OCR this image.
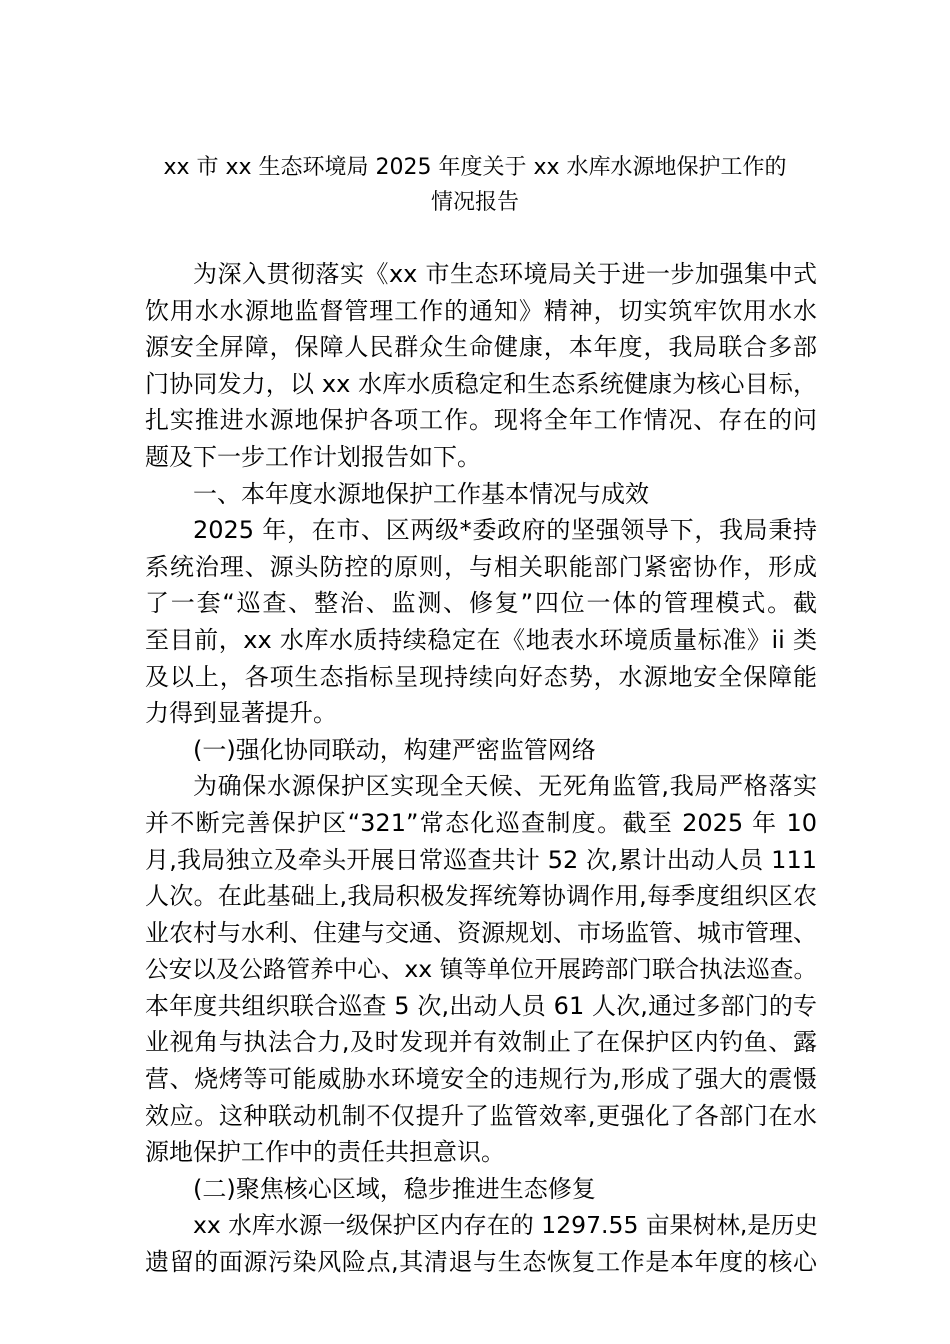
xx 市 xx 生态环境局 2025 年度关于 xx 水库水源地保护工作的
情况报告
为深入贯彻落实《xx 市生态环境局关于进一步加强集中式
饮用水水源地监督管理工作的通知》精神，切实筑牢饮用水水
源安全屏障，保障人民群众生命健康，本年度，我局联合多部
门协同发力，以 xx 水库水质稳定和生态系统健康为核心目标，
扎实推进水源地保护各项工作。现将全年工作情况、存在的问
题及下一步工作计划报告如下。
一、本年度水源地保护工作基本情况与成效
2025 年，在市、区两级*委政府的坚强领导下，我局秉持
系统治理、源头防控的原则，与相关职能部门紧密协作，形成
了一套“巡查、整治、监测、修复”四位一体的管理模式。截
至目前，xx 水库水质持续稳定在《地表水环境质量标准》ii 类
及以上，各项生态指标呈现持续向好态势，水源地安全保障能
力得到显著提升。
(一)强化协同联动，构建严密监管网络
为确保水源保护区实现全天候、无死角监管,我局严格落实
并不断完善保护区“321”常态化巡查制度。截至 2025 年 10
月,我局独立及牵头开展日常巡查共计 52 次,累计出动人员 111
人次。在此基础上,我局积极发挥统筹协调作用,每季度组织区农
业农村与水利、住建与交通、资源规划、市场监管、城市管理、
公安以及公路管养中心、xx 镇等单位开展跨部门联合执法巡查。
本年度共组织联合巡查 5 次,出动人员 61 人次,通过多部门的专
业视角与执法合力,及时发现并有效制止了在保护区内钓鱼、露
营、烧烤等可能威胁水环境安全的违规行为,形成了强大的震慑
效应。这种联动机制不仅提升了监管效率,更强化了各部门在水
源地保护工作中的责任共担意识。
(二)聚焦核心区域，稳步推进生态修复
xx 水库水源一级保护区内存在的 1297.55 亩果树林,是历史
遗留的面源污染风险点,其清退与生态恢复工作是本年度的核心
